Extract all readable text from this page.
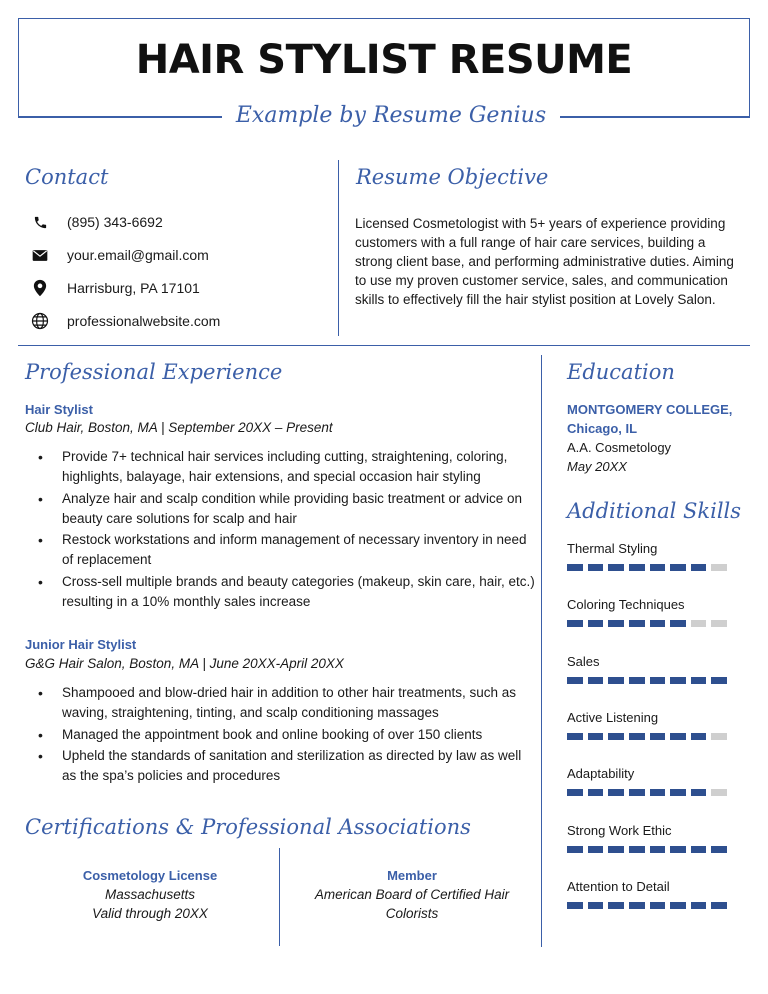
HAIR STYLIST RESUME
Example by Resume Genius
Contact
(895) 343-6692
your.email@gmail.com
Harrisburg, PA 17101
professionalwebsite.com
Resume Objective
Licensed Cosmetologist with 5+ years of experience providing customers with a full range of hair care services, building a strong client base, and performing administrative duties. Aiming to use my proven customer service, sales, and communication skills to effectively fill the hair stylist position at Lovely Salon.
Professional Experience
Hair Stylist
Club Hair, Boston, MA | September 20XX – Present
• Provide 7+ technical hair services including cutting, straightening, coloring, highlights, balayage, hair extensions, and special occasion hair styling
• Analyze hair and scalp condition while providing basic treatment or advice on beauty care solutions for scalp and hair
• Restock workstations and inform management of necessary inventory in need of replacement
• Cross-sell multiple brands and beauty categories (makeup, skin care, hair, etc.) resulting in a 10% monthly sales increase
Junior Hair Stylist
G&G Hair Salon, Boston, MA | June 20XX-April 20XX
• Shampooed and blow-dried hair in addition to other hair treatments, such as waving, straightening, tinting, and scalp conditioning massages
• Managed the appointment book and online booking of over 150 clients
• Upheld the standards of sanitation and sterilization as directed by law as well as the spa’s policies and procedures
Certifications & Professional Associations
Cosmetology License
Massachusetts
Valid through 20XX
Member
American Board of Certified Hair
Colorists
Education
MONTGOMERY COLLEGE,
Chicago, IL
A.A. Cosmetology
May 20XX
Additional Skills
Thermal Styling
Coloring Techniques
Sales
Active Listening
Adaptability
Strong Work Ethic
Attention to Detail
